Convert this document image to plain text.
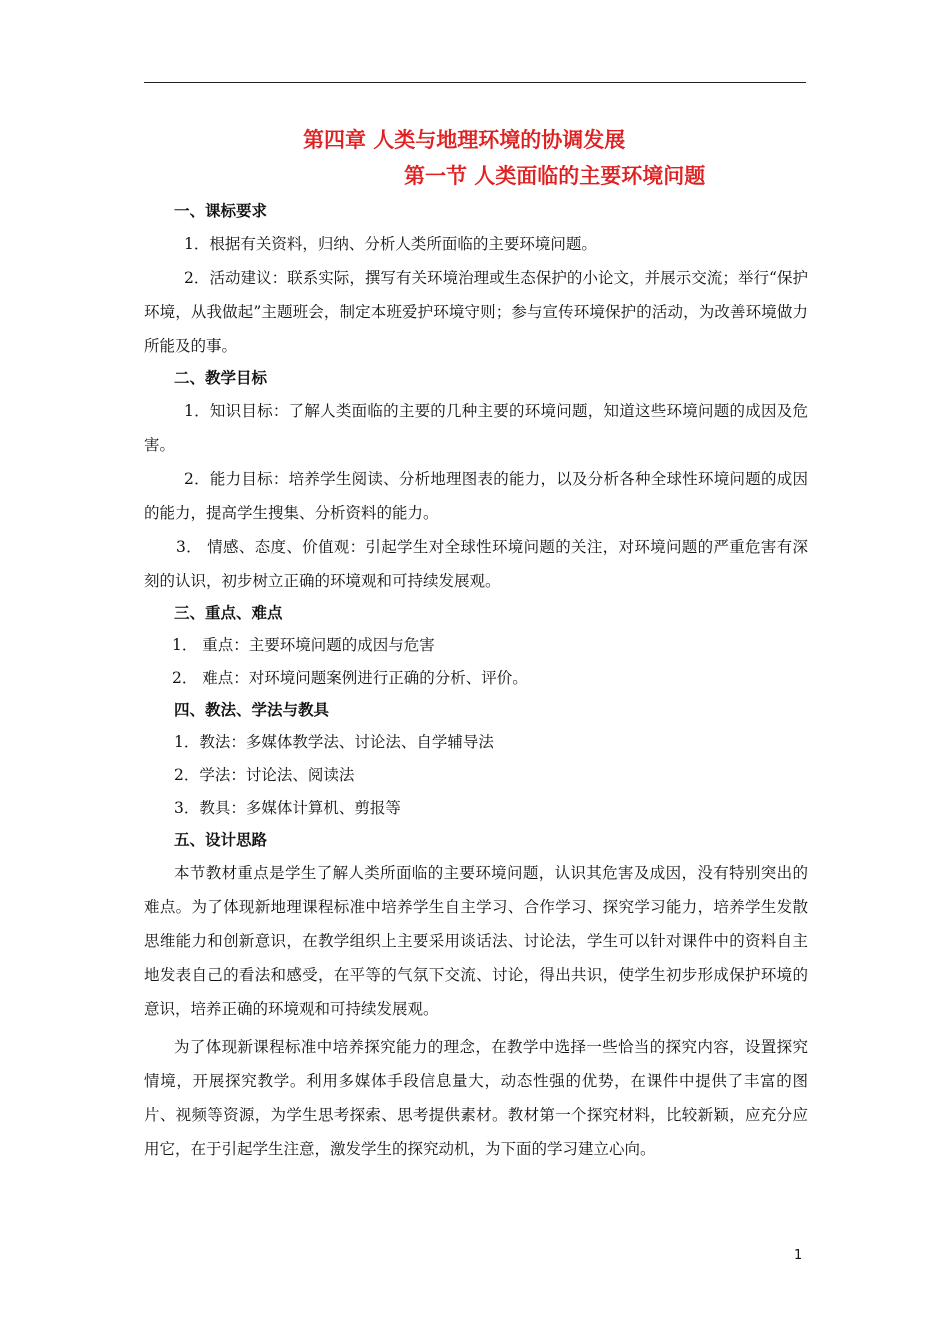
第四章 人类与地理环境的协调发展
第一节 人类面临的主要环境问题
一、课标要求

1．根据有关资料，归纳、分析人类所面临的主要环境问题。

2．活动建议：联系实际，撰写有关环境治理或生态保护的小论文，并展示交流；举行“保护环境，从我做起”主题班会，制定本班爱护环境守则；参与宣传环境保护的活动，为改善环境做力所能及的事。

二、教学目标

1．知识目标：了解人类面临的主要的几种主要的环境问题，知道这些环境问题的成因及危害。

2．能力目标：培养学生阅读、分析地理图表的能力，以及分析各种全球性环境问题的成因的能力，提高学生搜集、分析资料的能力。

3． 情感、态度、价值观：引起学生对全球性环境问题的关注，对环境问题的严重危害有深刻的认识，初步树立正确的环境观和可持续发展观。

三、重点、难点
1． 重点：主要环境问题的成因与危害
2． 难点：对环境问题案例进行正确的分析、评价。
四、教法、学法与教具
1．教法：多媒体教学法、讨论法、自学辅导法
2．学法：讨论法、阅读法
3．教具：多媒体计算机、剪报等
五、设计思路

本节教材重点是学生了解人类所面临的主要环境问题，认识其危害及成因，没有特别突出的难点。为了体现新地理课程标准中培养学生自主学习、合作学习、探究学习能力，培养学生发散思维能力和创新意识，在教学组织上主要采用谈话法、讨论法，学生可以针对课件中的资料自主地发表自己的看法和感受，在平等的气氛下交流、讨论，得出共识，使学生初步形成保护环境的意识，培养正确的环境观和可持续发展观。

为了体现新课程标准中培养探究能力的理念，在教学中选择一些恰当的探究内容，设置探究情境，开展探究教学。利用多媒体手段信息量大，动态性强的优势，在课件中提供了丰富的图片、视频等资源，为学生思考探索、思考提供素材。教材第一个探究材料，比较新颖，应充分应用它，在于引起学生注意，激发学生的探究动机，为下面的学习建立心向。

1
